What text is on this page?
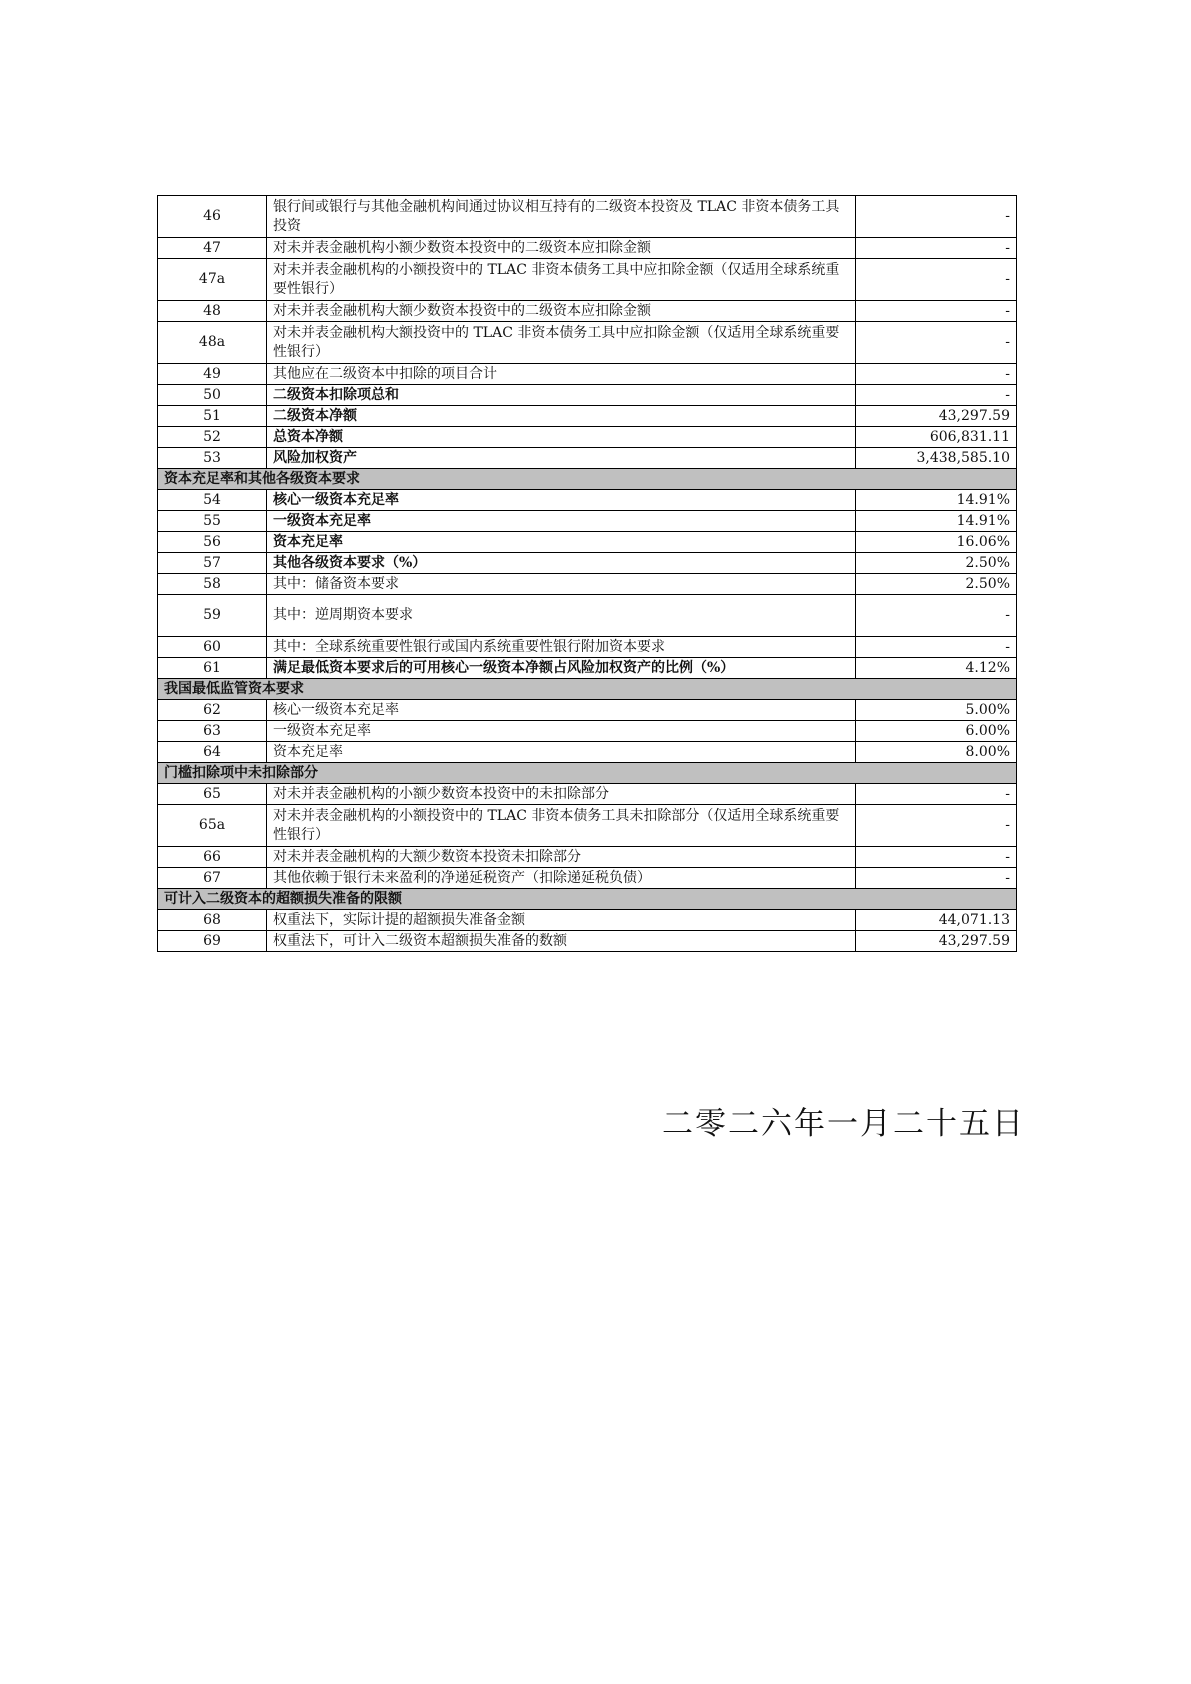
46	银行间或银行与其他金融机构间通过协议相互持有的二级资本投资及 TLAC 非资本债务工具投资	-
47	对未并表金融机构小额少数资本投资中的二级资本应扣除金额	-
47a	对未并表金融机构的小额投资中的 TLAC 非资本债务工具中应扣除金额（仅适用全球系统重要性银行）	-
48	对未并表金融机构大额少数资本投资中的二级资本应扣除金额	-
48a	对未并表金融机构大额投资中的 TLAC 非资本债务工具中应扣除金额（仅适用全球系统重要性银行）	-
49	其他应在二级资本中扣除的项目合计	-
50	二级资本扣除项总和	-
51	二级资本净额	43,297.59
52	总资本净额	606,831.11
53	风险加权资产	3,438,585.10
资本充足率和其他各级资本要求		
54	核心一级资本充足率	14.91%
55	一级资本充足率	14.91%
56	资本充足率	16.06%
57	其他各级资本要求（%）	2.50%
58	其中：储备资本要求	2.50%
59	其中：逆周期资本要求	-
60	其中：全球系统重要性银行或国内系统重要性银行附加资本要求	-
61	满足最低资本要求后的可用核心一级资本净额占风险加权资产的比例（%）	4.12%
我国最低监管资本要求		
62	核心一级资本充足率	5.00%
63	一级资本充足率	6.00%
64	资本充足率	8.00%
门槛扣除项中未扣除部分		
65	对未并表金融机构的小额少数资本投资中的未扣除部分	-
65a	对未并表金融机构的小额投资中的 TLAC 非资本债务工具未扣除部分（仅适用全球系统重要性银行）	-
66	对未并表金融机构的大额少数资本投资未扣除部分	-
67	其他依赖于银行未来盈利的净递延税资产（扣除递延税负债）	-
可计入二级资本的超额损失准备的限额		
68	权重法下，实际计提的超额损失准备金额	44,071.13
69	权重法下，可计入二级资本超额损失准备的数额	43,297.59
二零二六年一月二十五日
